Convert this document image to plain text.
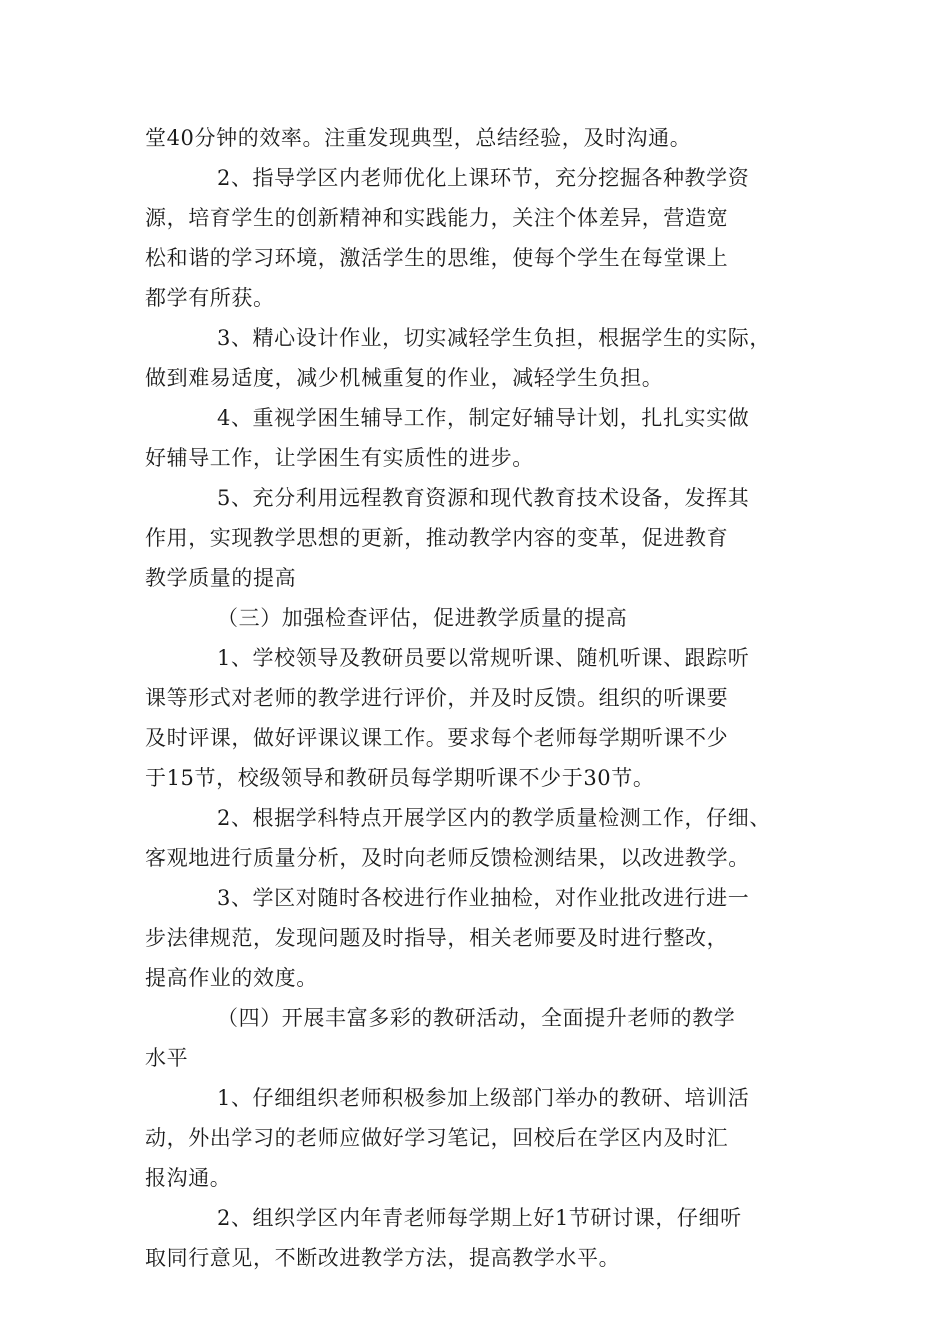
堂40分钟的效率。注重发现典型，总结经验，及时沟通。
2、指导学区内老师优化上课环节，充分挖掘各种教学资
源，培育学生的创新精神和实践能力，关注个体差异，营造宽
松和谐的学习环境，激活学生的思维，使每个学生在每堂课上
都学有所获。
3、精心设计作业，切实减轻学生负担，根据学生的实际，
做到难易适度，减少机械重复的作业，减轻学生负担。
4、重视学困生辅导工作，制定好辅导计划，扎扎实实做
好辅导工作，让学困生有实质性的进步。
5、充分利用远程教育资源和现代教育技术设备，发挥其
作用，实现教学思想的更新，推动教学内容的变革，促进教育
教学质量的提高
（三）加强检查评估，促进教学质量的提高
1、学校领导及教研员要以常规听课、随机听课、跟踪听
课等形式对老师的教学进行评价，并及时反馈。组织的听课要
及时评课，做好评课议课工作。要求每个老师每学期听课不少
于15节，校级领导和教研员每学期听课不少于30节。
2、根据学科特点开展学区内的教学质量检测工作，仔细、
客观地进行质量分析，及时向老师反馈检测结果，以改进教学。
3、学区对随时各校进行作业抽检，对作业批改进行进一
步法律规范，发现问题及时指导，相关老师要及时进行整改，
提高作业的效度。
（四）开展丰富多彩的教研活动，全面提升老师的教学
水平
1、仔细组织老师积极参加上级部门举办的教研、培训活
动，外出学习的老师应做好学习笔记，回校后在学区内及时汇
报沟通。
2、组织学区内年青老师每学期上好1节研讨课，仔细听
取同行意见，不断改进教学方法，提高教学水平。
